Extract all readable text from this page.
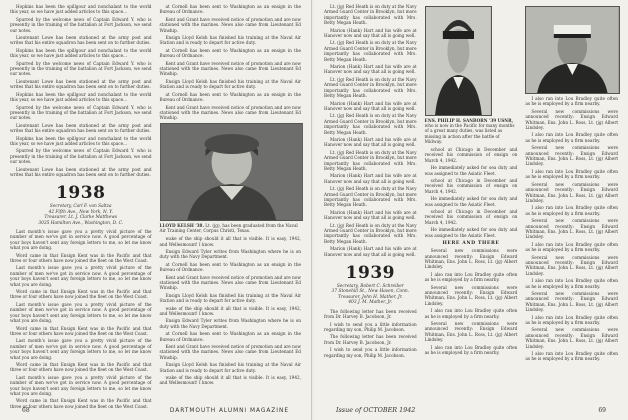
Hopkins has been the spillgour and nonchalant to the world this year, so we have just added articles to this space...

Spurred by the welcome news of Captain Edward Y. who is presently in the training of the battalion at Fort Jackson, we send our notes.

Lieutenant Lowe has been stationed at the army post and writes that his entire squadron has been sent on to further duties.

Hopkins has been the spillgour and nonchalant to the world this year, so we have just added articles to this space...

Spurred by the welcome news of Captain Edward Y. who is presently in the training of the battalion at Fort Jackson, we send our notes.

Lieutenant Lowe has been stationed at the army post and writes that his entire squadron has been sent on to further duties.

Hopkins has been the spillgour and nonchalant to the world this year, so we have just added articles to this space...

Spurred by the welcome news of Captain Edward Y. who is presently in the training of the battalion at Fort Jackson, we send our notes.

Lieutenant Lowe has been stationed at the army post and writes that his entire squadron has been sent on to further duties.

Hopkins has been the spillgour and nonchalant to the world this year, so we have just added articles to this space...

Spurred by the welcome news of Captain Edward Y. who is presently in the training of the battalion at Fort Jackson, we send our notes.

Lieutenant Lowe has been stationed at the army post and writes that his entire squadron has been sent on to further duties.

1938
Secretary, Carl F. von Saltza
42 Fifth Ave., New York, N. Y.
Treasurer, Lt. J. Clarke Matthews
3035 Hamilton Ave., Washington, D. C.

Last month's issue gave you a pretty vivid picture of the number of men we've got in service now. A good percentage of your boys haven't sent any foreign letters to me, so let me know what you are doing.

Word came in that Ensign Kent was in the Pacific and that three or four others have now joined the fleet on the West Coast.

Last month's issue gave you a pretty vivid picture of the number of men we've got in service now. A good percentage of your boys haven't sent any foreign letters to me, so let me know what you are doing.

Word came in that Ensign Kent was in the Pacific and that three or four others have now joined the fleet on the West Coast.

Last month's issue gave you a pretty vivid picture of the number of men we've got in service now. A good percentage of your boys haven't sent any foreign letters to me, so let me know what you are doing.

Word came in that Ensign Kent was in the Pacific and that three or four others have now joined the fleet on the West Coast.

Last month's issue gave you a pretty vivid picture of the number of men we've got in service now. A good percentage of your boys haven't sent any foreign letters to me, so let me know what you are doing.

Word came in that Ensign Kent was in the Pacific and that three or four others have now joined the fleet on the West Coast.

Last month's issue gave you a pretty vivid picture of the number of men we've got in service now. A good percentage of your boys haven't sent any foreign letters to me, so let me know what you are doing.

Word came in that Ensign Kent was in the Pacific and that three or four others have now joined the fleet on the West Coast.

at Cornell has been sent to Washington as an ensign in the Bureau of Ordnance.

Kent and Grant have received notice of promotion and are now stationed with the marines. News also came from Lieutenant Ed Winship.

Ensign Lloyd Kelsh has finished his training at the Naval Air Station and is ready to depart for active duty.

at Cornell has been sent to Washington as an ensign in the Bureau of Ordnance.

Kent and Grant have received notice of promotion and are now stationed with the marines. News also came from Lieutenant Ed Winship.

Ensign Lloyd Kelsh has finished his training at the Naval Air Station and is ready to depart for active duty.

at Cornell has been sent to Washington as an ensign in the Bureau of Ordnance.

Kent and Grant have received notice of promotion and are now stationed with the marines. News also came from Lieutenant Ed Winship.

LLOYD KELSH '38. Lt. (jg), has been graduated from the Naval Air Training Center, Corpus Christi, Texas.

wake of the ship should it all that is visible. It is easy, 1942, and Wellesmount! I know.

Ensign Edward Tyler writes from Washington where he is on duty with the Navy Department.

at Cornell has been sent to Washington as an ensign in the Bureau of Ordnance.

Kent and Grant have received notice of promotion and are now stationed with the marines. News also came from Lieutenant Ed Winship.

Ensign Lloyd Kelsh has finished his training at the Naval Air Station and is ready to depart for active duty.

wake of the ship should it all that is visible. It is easy, 1942, and Wellesmount! I know.

Ensign Edward Tyler writes from Washington where he is on duty with the Navy Department.

at Cornell has been sent to Washington as an ensign in the Bureau of Ordnance.

Kent and Grant have received notice of promotion and are now stationed with the marines. News also came from Lieutenant Ed Winship.

Ensign Lloyd Kelsh has finished his training at the Naval Air Station and is ready to depart for active duty.

wake of the ship should it all that is visible. It is easy, 1942, and Wellesmount! I know.

68	DARTMOUTH ALUMNI MAGAZINE

Lt. (jg) Red Heath is on duty at the Navy Armed Guard Center in Brooklyn, but more importantly has collaborated with Mrs. Betty Megan Heath.

Marion (Hank) Hart and his wife are at Hanover now and say that all is going well.

Lt. (jg) Red Heath is on duty at the Navy Armed Guard Center in Brooklyn, but more importantly has collaborated with Mrs. Betty Megan Heath.

Marion (Hank) Hart and his wife are at Hanover now and say that all is going well.

Lt. (jg) Red Heath is on duty at the Navy Armed Guard Center in Brooklyn, but more importantly has collaborated with Mrs. Betty Megan Heath.

Marion (Hank) Hart and his wife are at Hanover now and say that all is going well.

Lt. (jg) Red Heath is on duty at the Navy Armed Guard Center in Brooklyn, but more importantly has collaborated with Mrs. Betty Megan Heath.

Marion (Hank) Hart and his wife are at Hanover now and say that all is going well.

Lt. (jg) Red Heath is on duty at the Navy Armed Guard Center in Brooklyn, but more importantly has collaborated with Mrs. Betty Megan Heath.

Marion (Hank) Hart and his wife are at Hanover now and say that all is going well.

Lt. (jg) Red Heath is on duty at the Navy Armed Guard Center in Brooklyn, but more importantly has collaborated with Mrs. Betty Megan Heath.

Marion (Hank) Hart and his wife are at Hanover now and say that all is going well.

Lt. (jg) Red Heath is on duty at the Navy Armed Guard Center in Brooklyn, but more importantly has collaborated with Mrs. Betty Megan Heath.

Marion (Hank) Hart and his wife are at Hanover now and say that all is going well.

1939
Secretary, Robert C. Schreiber
37 Stonehill St., New Haven, Conn.
Treasurer, John H. Mather, Jr.
403 J. M. Mather, Jr.

The following letter has been received from Dr. Harvey B. Jacobson, Jr.

I wish to send you a little information regarding my son, Philip M. Jacobson.

The following letter has been received from Dr. Harvey B. Jacobson, Jr.

I wish to send you a little information regarding my son, Philip M. Jacobson.

ENS. PHILIP H. SANBORN '39 USNR, who is now in the Pacific for many months of a great many duties, was listed as missing in action after the battle of Midway.

school at Chicago in December and received his commission of ensign on March 4, 1942.

He immediately asked for sea duty and was assigned to the Asiatic Fleet.

school at Chicago in December and received his commission of ensign on March 4, 1942.

He immediately asked for sea duty and was assigned to the Asiatic Fleet.

school at Chicago in December and received his commission of ensign on March 4, 1942.

He immediately asked for sea duty and was assigned to the Asiatic Fleet.

HERE AND THERE

Several new commissions were announced recently: Ensign Edward Whitman, Ens. John L. Ross, Lt. (jg) Albert Lindsley.

I also ran into Lou Bradley quite often as he is employed by a firm nearby.

Several new commissions were announced recently: Ensign Edward Whitman, Ens. John L. Ross, Lt. (jg) Albert Lindsley.

I also ran into Lou Bradley quite often as he is employed by a firm nearby.

Several new commissions were announced recently: Ensign Edward Whitman, Ens. John L. Ross, Lt. (jg) Albert Lindsley.

I also ran into Lou Bradley quite often as he is employed by a firm nearby.

I also ran into Lou Bradley quite often as he is employed by a firm nearby.

Several new commissions were announced recently: Ensign Edward Whitman, Ens. John L. Ross, Lt. (jg) Albert Lindsley.

I also ran into Lou Bradley quite often as he is employed by a firm nearby.

Several new commissions were announced recently: Ensign Edward Whitman, Ens. John L. Ross, Lt. (jg) Albert Lindsley.

I also ran into Lou Bradley quite often as he is employed by a firm nearby.

Several new commissions were announced recently: Ensign Edward Whitman, Ens. John L. Ross, Lt. (jg) Albert Lindsley.

I also ran into Lou Bradley quite often as he is employed by a firm nearby.

Several new commissions were announced recently: Ensign Edward Whitman, Ens. John L. Ross, Lt. (jg) Albert Lindsley.

I also ran into Lou Bradley quite often as he is employed by a firm nearby.

Several new commissions were announced recently: Ensign Edward Whitman, Ens. John L. Ross, Lt. (jg) Albert Lindsley.

I also ran into Lou Bradley quite often as he is employed by a firm nearby.

Several new commissions were announced recently: Ensign Edward Whitman, Ens. John L. Ross, Lt. (jg) Albert Lindsley.

I also ran into Lou Bradley quite often as he is employed by a firm nearby.

Several new commissions were announced recently: Ensign Edward Whitman, Ens. John L. Ross, Lt. (jg) Albert Lindsley.

I also ran into Lou Bradley quite often as he is employed by a firm nearby.

Issue of OCTOBER 1942	69
